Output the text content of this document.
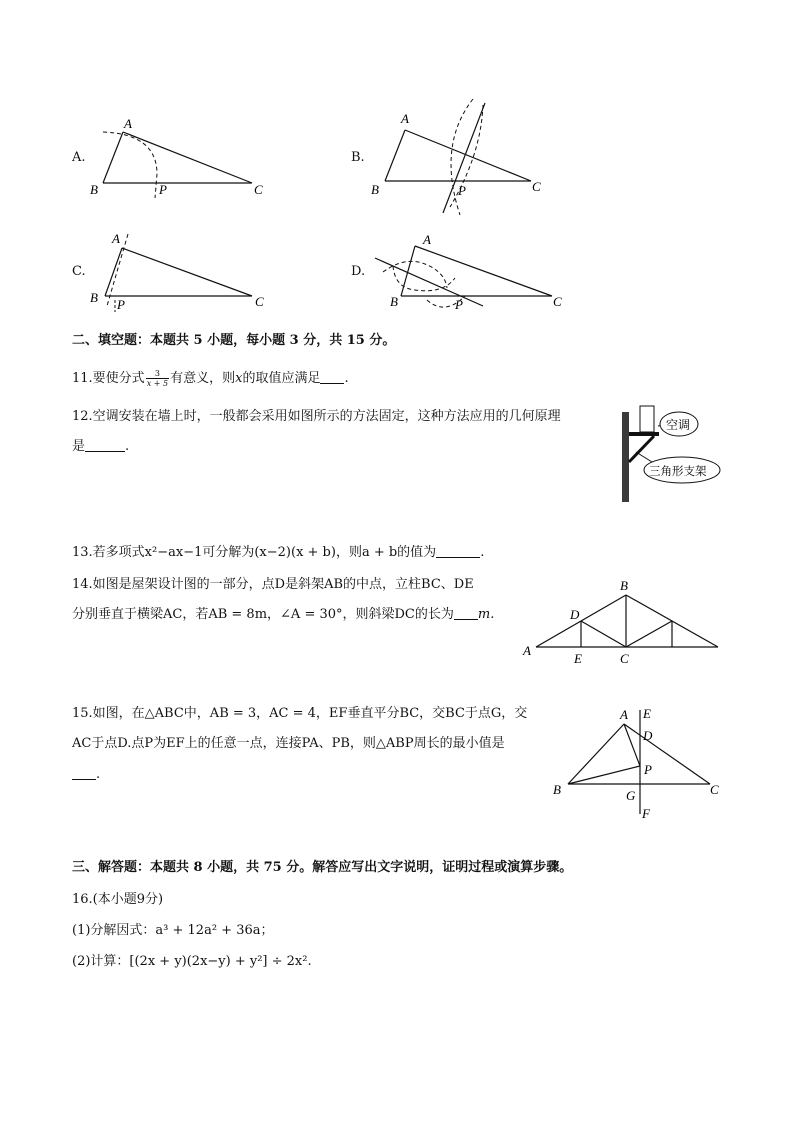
A.
A
B	P	C
B.
A
B	P	C
C.
A
B P	C
D.
A
B	P	C
二、填空题：本题共 5 小题，每小题 3 分，共 15 分。
11.要使分式 $\frac{3}{x + 5}$ 有意义，则x的取值应满足 .
12.空调安装在墙上时，一般都会采用如图所示的方法固定，这种方法应用的几何原理
是	.
空调
三角形支架
13.若多项式x²−ax−1可分解为(x−2)(x + b)，则a + b的值为	.
14.如图是屋架设计图的一部分，点D是斜架AB的中点，立柱BC、DE
分别垂直于横梁AC，若AB = 8m，∠A = 30°，则斜梁DC的长为 m.
A
B
D
E	C
15.如图，在△ABC中，AB = 3，AC = 4，EF垂直平分BC，交BC于点G，交
AC于点D.点P为EF上的任意一点，连接PA、PB，则△ABP周长的最小值是
.
A E
D
P
B	G	C
F
三、解答题：本题共 8 小题，共 75 分。解答应写出文字说明，证明过程或演算步骤。
16.(本小题9分)
(1)分解因式：a³ + 12a² + 36a；
(2)计算：[(2x + y)(2x−y) + y²] ÷ 2x².
